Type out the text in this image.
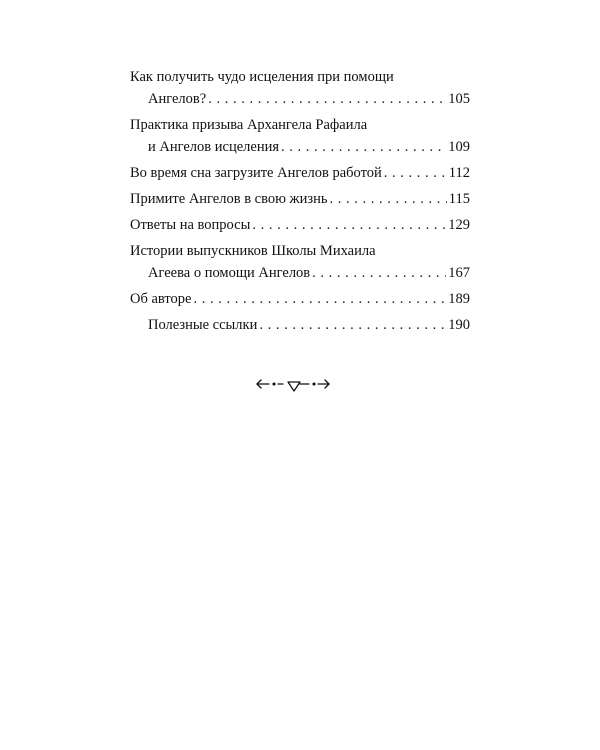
Как получить чудо исцеления при помощи
Ангелов? . . .	105
Практика призыва Архангела Рафаила
и Ангелов исцеления . . .	109
Во время сна загрузите Ангелов работой . . .	112
Примите Ангелов в свою жизнь . . .	115
Ответы на вопросы . . .	129
Истории выпускников Школы Михаила
Агеева о помощи Ангелов . . .	167
Об авторе . . .	189
Полезные ссылки . . .	190
